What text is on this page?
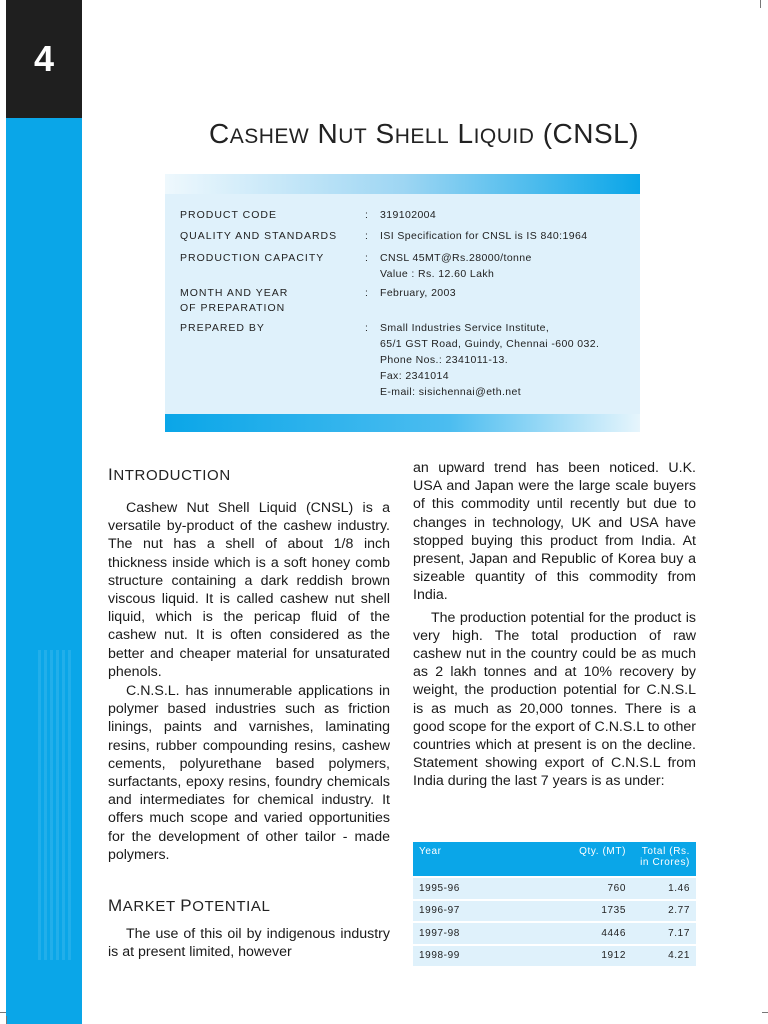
4
CASHEW NUT SHELL LIQUID (CNSL)
PRODUCT CODE	: 319102004
QUALITY AND STANDARDS	: ISI Specification for CNSL is IS 840:1964
PRODUCTION CAPACITY	: CNSL 45MT@Rs.28000/tonne
Value : Rs. 12.60 Lakh
MONTH AND YEAR
OF PREPARATION
: February, 2003
PREPARED BY	: Small Industries Service Institute,
65/1 GST Road, Guindy, Chennai -600 032.
Phone Nos.: 2341011-13.
Fax: 2341014
E-mail: sisichennai@eth.net
INTRODUCTION

Cashew Nut Shell Liquid (CNSL) is a versatile by-product of the cashew industry. The nut has a shell of about 1/8 inch thickness inside which is a soft honey comb structure containing a dark reddish brown viscous liquid. It is called cashew nut shell liquid, which is the pericap fluid of the cashew nut. It is often considered as the better and cheaper material for unsaturated phenols.

C.N.S.L. has innumerable applications in polymer based industries such as friction linings, paints and varnishes, laminating resins, rubber compounding resins, cashew cements, polyurethane based polymers, surfactants, epoxy resins, foundry chemicals and intermediates for chemical industry. It offers much scope and varied opportunities for the development of other tailor - made polymers.

MARKET POTENTIAL

The use of this oil by indigenous industry is at present limited, however

an upward trend has been noticed. U.K. USA and Japan were the large scale buyers of this commodity until recently but due to changes in technology, UK and USA have stopped buying this product from India. At present, Japan and Republic of Korea buy a sizeable quantity of this commodity from India.

The production potential for the product is very high. The total production of raw cashew nut in the country could be as much as 2 lakh tonnes and at 10% recovery by weight, the production potential for C.N.S.L is as much as 20,000 tonnes. There is a good scope for the export of C.N.S.L to other countries which at present is on the decline. Statement showing export of C.N.S.L from India during the last 7 years is as under:

Year	Qty. (MT)	Total (Rs.
in Crores)

1995-96	760	1.46
1996-97	1735	2.77
1997-98	4446	7.17
1998-99	1912	4.21
